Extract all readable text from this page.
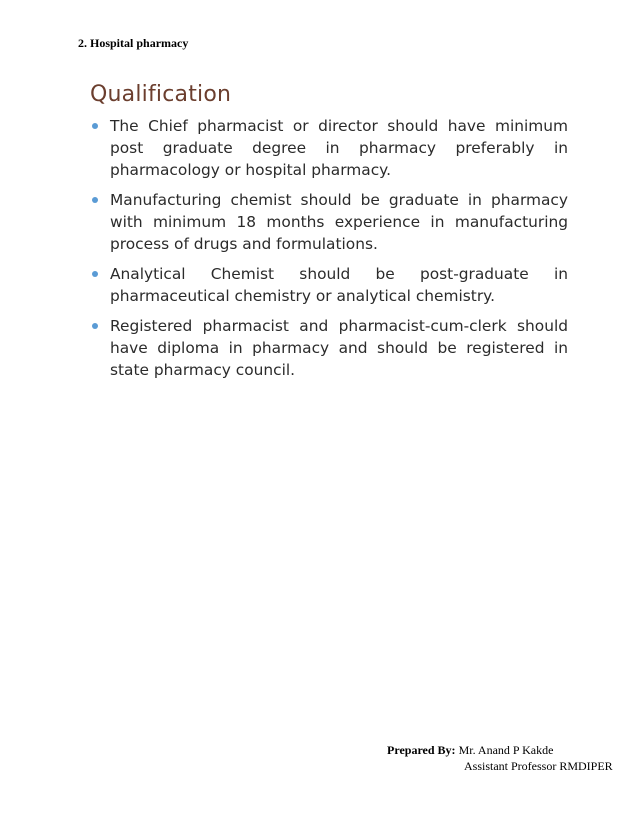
2. Hospital pharmacy
Qualification
The Chief pharmacist or director should have minimum post graduate degree in pharmacy preferably in pharmacology or hospital pharmacy.
Manufacturing chemist should be graduate in pharmacy with minimum 18 months experience in manufacturing process of drugs and formulations.
Analytical Chemist should be post-graduate in pharmaceutical chemistry or analytical chemistry.
Registered pharmacist and pharmacist-cum-clerk should have diploma in pharmacy and should be registered in state pharmacy council.
Prepared By: Mr. Anand P Kakde
Assistant Professor RMDIPER
